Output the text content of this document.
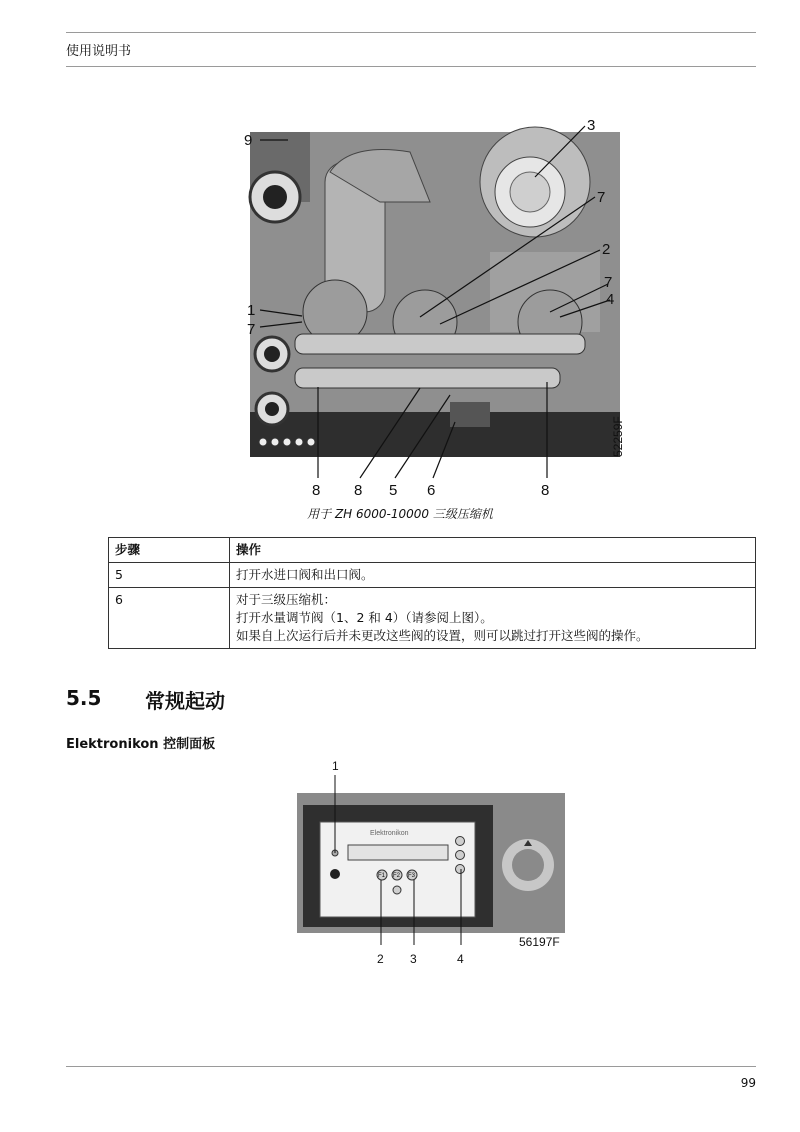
使用说明书
9
3
7
2
7
4
1
7
8 8 5 6	8
52259F
用于 ZH 6000-10000 三级压缩机
步骤	操作
5	打开水进口阀和出口阀。

6	对于三级压缩机：
打开水量调节阀（1、2 和 4）（请参阅上图）。
如果自上次运行后并未更改这些阀的设置，则可以跳过打开这些阀的操作。
5.5 常规起动
Elektronikon 控制面板
Elektronikon
F1 F2 F3
1
2 3	4
56197F
99
